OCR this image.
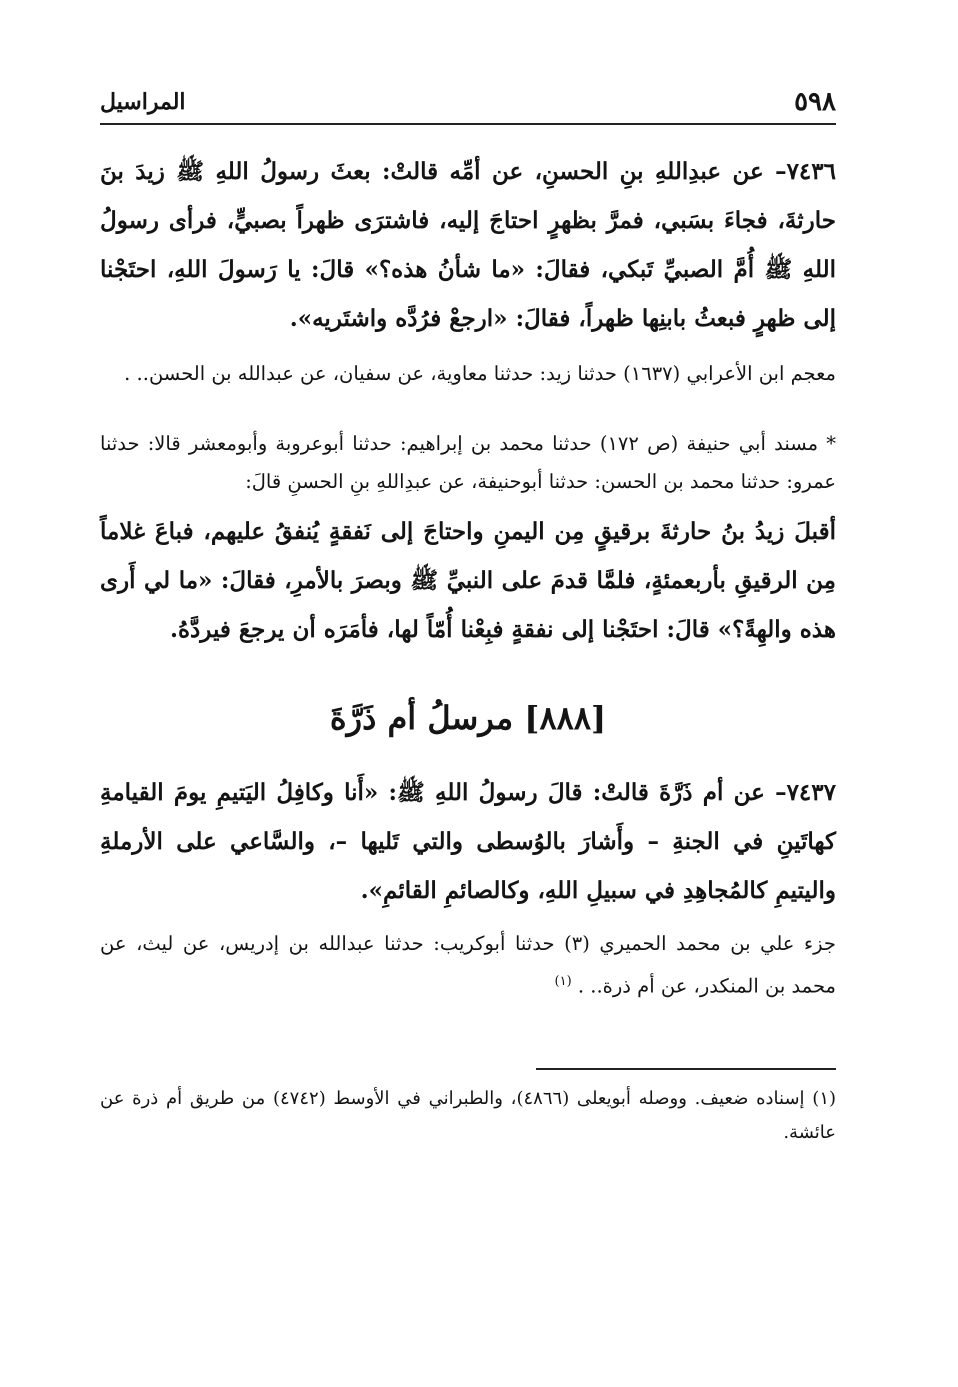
٥٩٨
المراسيل

٧٤٣٦– عن عبدِاللهِ بنِ الحسنِ، عن أمِّه قالتْ: بعثَ رسولُ اللهِ ﷺ زيدَ بنَ حارثةَ، فجاءَ بسَبي، فمرَّ بظهرٍ احتاجَ إليه، فاشترَى ظهراً بصبيٍّ، فرأى رسولُ اللهِ ﷺ أُمَّ الصبيِّ تَبكي، فقالَ: «ما شأنُ هذه؟» قالَ: يا رَسولَ اللهِ، احتَجْنا إلى ظهرٍ فبعثُ بابنِها ظهراً، فقالَ: «ارجعْ فرُدَّه واشتَريه».

معجم ابن الأعرابي (١٦٣٧) حدثنا زيد: حدثنا معاوية، عن سفيان، عن عبدالله بن الحسن.. .

* مسند أبي حنيفة (ص ١٧٢) حدثنا محمد بن إبراهيم: حدثنا أبوعروبة وأبومعشر قالا: حدثنا عمرو: حدثنا محمد بن الحسن: حدثنا أبوحنيفة، عن عبدِاللهِ بنِ الحسنِ قالَ:

أقبلَ زيدُ بنُ حارثةَ برقيقٍ مِن اليمنِ واحتاجَ إلى نَفقةٍ يُنفقُ عليهم، فباعَ غلاماً مِن الرقيقِ بأربعمئةٍ، فلمَّا قدمَ على النبيِّ ﷺ وبصرَ بالأمرِ، فقالَ: «ما لي أَرى هذه والهِةً؟» قالَ: احتَجْنا إلى نفقةٍ فبِعْنا أُمّاً لها، فأمَرَه أن يرجعَ فيردَّهُ.

[٨٨٨] مرسلُ أم ذَرَّةَ

٧٤٣٧– عن أم ذَرَّةَ قالتْ: قالَ رسولُ اللهِ ﷺ: «أَنا وكافِلُ اليَتيمِ يومَ القيامةِ كهاتَينِ في الجنةِ – وأَشارَ بالوُسطى والتي تَليها –، والسَّاعي على الأرملةِ واليتيمِ كالمُجاهِدِ في سبيلِ اللهِ، وكالصائمِ القائمِ».

جزء علي بن محمد الحميري (٣) حدثنا أبوكريب: حدثنا عبدالله بن إدريس، عن ليث، عن محمد بن المنكدر، عن أم ذرة.. . $^{(١)}$

(١) إسناده ضعيف. ووصله أبويعلى (٤٨٦٦)، والطبراني في الأوسط (٤٧٤٢) من طريق أم ذرة عن عائشة.
